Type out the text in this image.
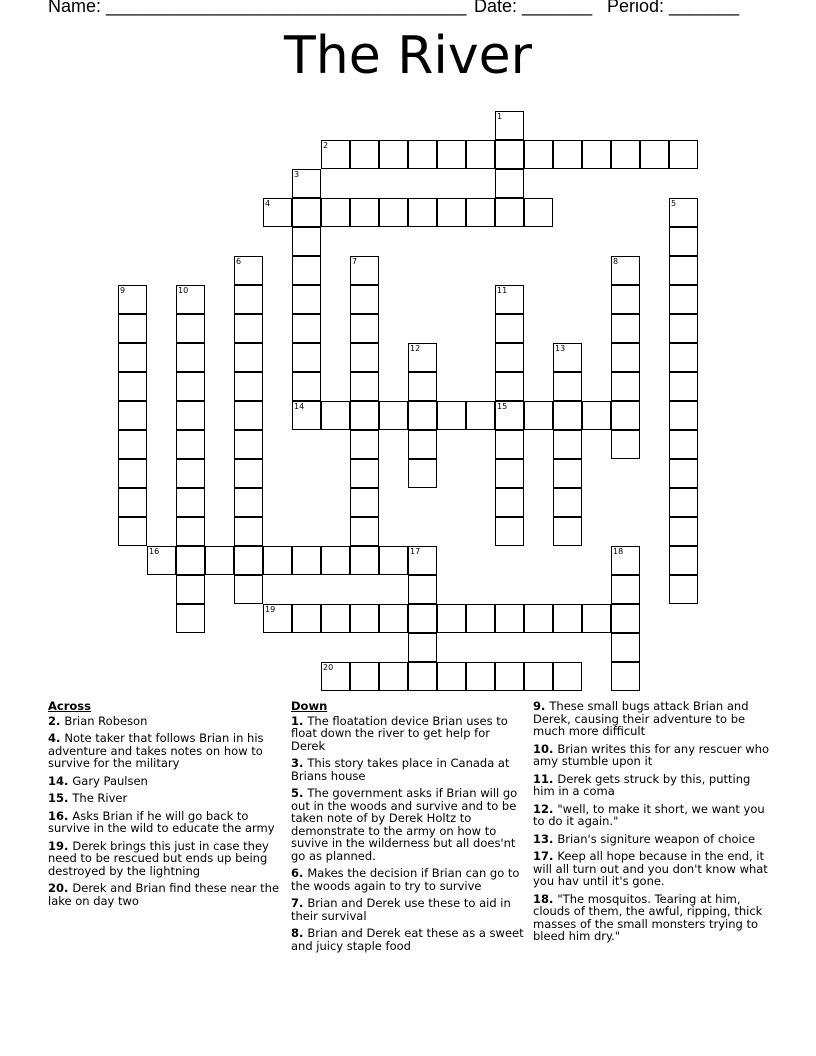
Name: ____________________________________ Date: _______ Period: _______
The River
1
2
3
4	5
6	7	8
9	10	11
12	13
14	15
16	17	18
19
20
Across
2. Brian Robeson
4. Note taker that follows Brian in his adventure and takes notes on how to survive for the military
14. Gary Paulsen
15. The River
16. Asks Brian if he will go back to survive in the wild to educate the army
19. Derek brings this just in case they need to be rescued but ends up being destroyed by the lightning
20. Derek and Brian find these near the lake on day two
Down
1. The floatation device Brian uses to float down the river to get help for Derek
3. This story takes place in Canada at Brians house
5. The government asks if Brian will go out in the woods and survive and to be taken note of by Derek Holtz to demonstrate to the army on how to suvive in the wilderness but all does'nt go as planned.
6. Makes the decision if Brian can go to the woods again to try to survive
7. Brian and Derek use these to aid in their survival
8. Brian and Derek eat these as a sweet and juicy staple food
9. These small bugs attack Brian and Derek, causing their adventure to be much more difficult
10. Brian writes this for any rescuer who amy stumble upon it
11. Derek gets struck by this, putting him in a coma
12. "well, to make it short, we want you to do it again."
13. Brian's signiture weapon of choice
17. Keep all hope because in the end, it will all turn out and you don't know what you hav until it's gone.
18. "The mosquitos. Tearing at him, clouds of them, the awful, ripping, thick masses of the small monsters trying to bleed him dry."
